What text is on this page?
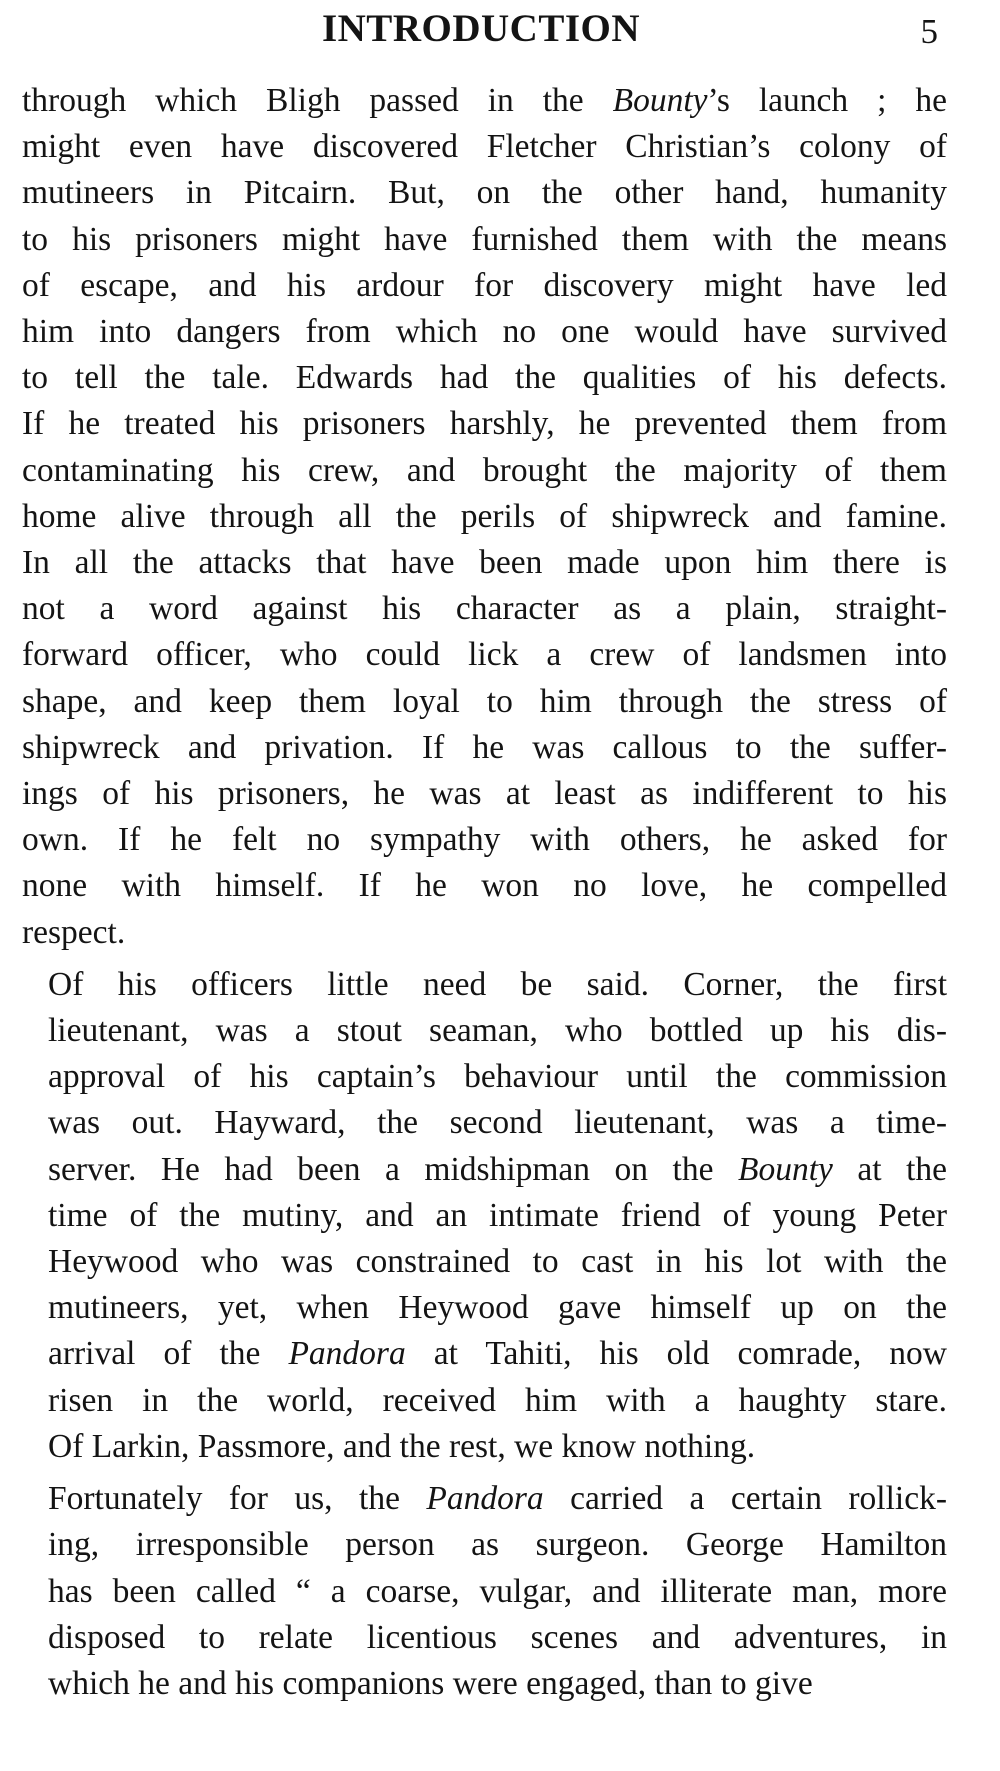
INTRODUCTION	5
through which Bligh passed in the Bounty’s launch ; he
might even have discovered Fletcher Christian’s colony of
mutineers in Pitcairn. But, on the other hand, humanity
to his prisoners might have furnished them with the means
of escape, and his ardour for discovery might have led
him into dangers from which no one would have survived
to tell the tale. Edwards had the qualities of his defects.
If he treated his prisoners harshly, he prevented them from
contaminating his crew, and brought the majority of them
home alive through all the perils of shipwreck and famine.
In all the attacks that have been made upon him there is
not a word against his character as a plain, straight-
forward officer, who could lick a crew of landsmen into
shape, and keep them loyal to him through the stress of
shipwreck and privation. If he was callous to the suffer-
ings of his prisoners, he was at least as indifferent to his
own. If he felt no sympathy with others, he asked for
none with himself. If he won no love, he compelled
respect.
Of his officers little need be said. Corner, the first
lieutenant, was a stout seaman, who bottled up his dis-
approval of his captain’s behaviour until the commission
was out. Hayward, the second lieutenant, was a time-
server. He had been a midshipman on the Bounty at the
time of the mutiny, and an intimate friend of young Peter
Heywood who was constrained to cast in his lot with the
mutineers, yet, when Heywood gave himself up on the
arrival of the Pandora at Tahiti, his old comrade, now
risen in the world, received him with a haughty stare.
Of Larkin, Passmore, and the rest, we know nothing.
Fortunately for us, the Pandora carried a certain rollick-
ing, irresponsible person as surgeon. George Hamilton
has been called “ a coarse, vulgar, and illiterate man, more
disposed to relate licentious scenes and adventures, in
which he and his companions were engaged, than to give
